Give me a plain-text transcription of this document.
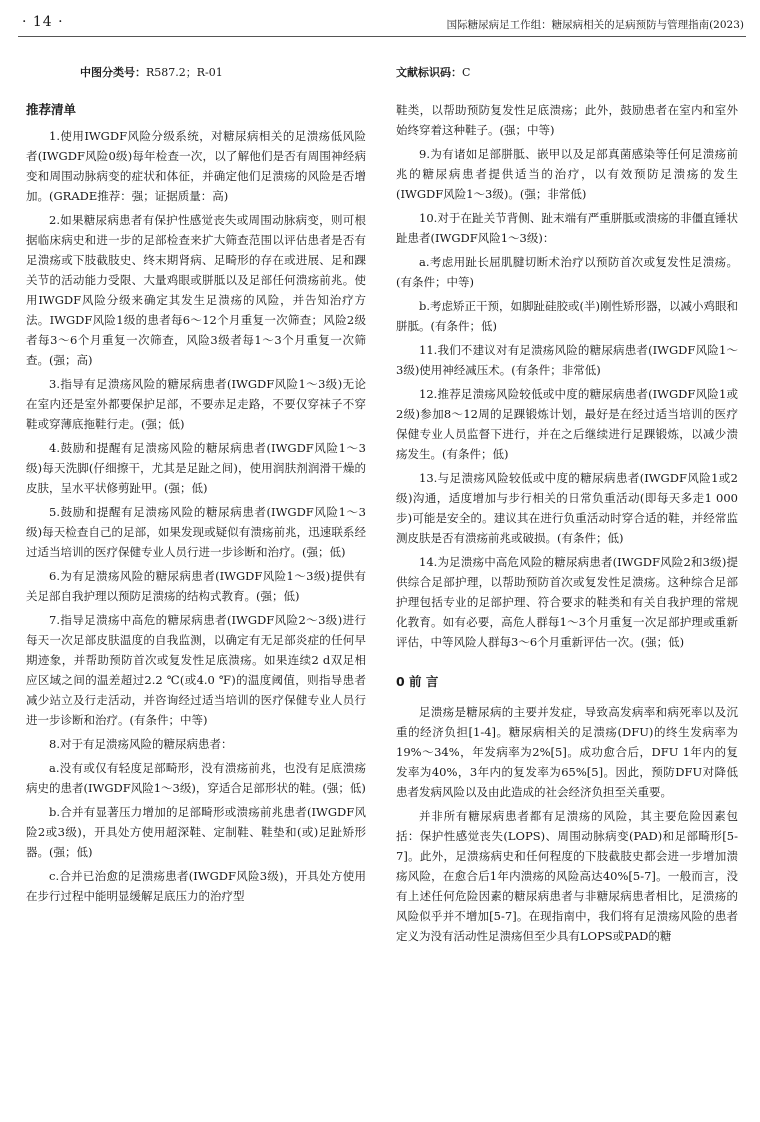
· 14 ·	国际糖尿病足工作组：糖尿病相关的足病预防与管理指南(2023)
中图分类号：R587.2；R-01	文献标识码：C
推荐清单

1.使用IWGDF风险分级系统，对糖尿病相关的足溃疡低风险者(IWGDF风险0级)每年检查一次，以了解他们是否有周围神经病变和周围动脉病变的症状和体征，并确定他们足溃疡的风险是否增加。(GRADE推荐：强；证据质量：高)

2.如果糖尿病患者有保护性感觉丧失或周围动脉病变，则可根据临床病史和进一步的足部检查来扩大筛查范围以评估患者是否有足溃疡或下肢截肢史、终末期肾病、足畸形的存在或进展、足和踝关节的活动能力受限、大量鸡眼或胼胝以及足部任何溃疡前兆。使用IWGDF风险分级来确定其发生足溃疡的风险，并告知治疗方法。IWGDF风险1级的患者每6～12个月重复一次筛查；风险2级者每3～6个月重复一次筛查，风险3级者每1～3个月重复一次筛查。(强；高)

3.指导有足溃疡风险的糖尿病患者(IWGDF风险1～3级)无论在室内还是室外都要保护足部，不要赤足走路，不要仅穿袜子不穿鞋或穿薄底拖鞋行走。(强；低)

4.鼓励和提醒有足溃疡风险的糖尿病患者(IWGDF风险1～3级)每天洗脚(仔细擦干，尤其是足趾之间)，使用润肤剂润滑干燥的皮肤，呈水平状修剪趾甲。(强；低)

5.鼓励和提醒有足溃疡风险的糖尿病患者(IWGDF风险1～3级)每天检查自己的足部，如果发现或疑似有溃疡前兆，迅速联系经过适当培训的医疗保健专业人员行进一步诊断和治疗。(强；低)

6.为有足溃疡风险的糖尿病患者(IWGDF风险1～3级)提供有关足部自我护理以预防足溃疡的结构式教育。(强；低)

7.指导足溃疡中高危的糖尿病患者(IWGDF风险2～3级)进行每天一次足部皮肤温度的自我监测，以确定有无足部炎症的任何早期迹象，并帮助预防首次或复发性足底溃疡。如果连续2 d双足相应区域之间的温差超过2.2 ℃(或4.0 ℉)的温度阈值，则指导患者减少站立及行走活动，并咨询经过适当培训的医疗保健专业人员行进一步诊断和治疗。(有条件；中等)

8.对于有足溃疡风险的糖尿病患者：

a.没有或仅有轻度足部畸形，没有溃疡前兆，也没有足底溃疡病史的患者(IWGDF风险1～3级)，穿适合足部形状的鞋。(强；低)

b.合并有显著压力增加的足部畸形或溃疡前兆患者(IWGDF风险2或3级)，开具处方使用超深鞋、定制鞋、鞋垫和(或)足趾矫形器。(强；低)

c.合并已治愈的足溃疡患者(IWGDF风险3级)，开具处方使用在步行过程中能明显缓解足底压力的治疗型

鞋类，以帮助预防复发性足底溃疡；此外，鼓励患者在室内和室外始终穿着这种鞋子。(强；中等)

9.为有诸如足部胼胝、嵌甲以及足部真菌感染等任何足溃疡前兆的糖尿病患者提供适当的治疗，以有效预防足溃疡的发生(IWGDF风险1～3级)。(强；非常低)

10.对于在趾关节背侧、趾末端有严重胼胝或溃疡的非僵直锤状趾患者(IWGDF风险1～3级)：

a.考虑用趾长屈肌腱切断术治疗以预防首次或复发性足溃疡。(有条件；中等)

b.考虑矫正干预，如脚趾硅胶或(半)刚性矫形器，以减小鸡眼和胼胝。(有条件；低)

11.我们不建议对有足溃疡风险的糖尿病患者(IWGDF风险1～3级)使用神经减压术。(有条件；非常低)

12.推荐足溃疡风险较低或中度的糖尿病患者(IWGDF风险1或2级)参加8～12周的足踝锻炼计划，最好是在经过适当培训的医疗保健专业人员监督下进行，并在之后继续进行足踝锻炼，以减少溃疡发生。(有条件；低)

13.与足溃疡风险较低或中度的糖尿病患者(IWGDF风险1或2级)沟通，适度增加与步行相关的日常负重活动(即每天多走1 000步)可能是安全的。建议其在进行负重活动时穿合适的鞋，并经常监测皮肤是否有溃疡前兆或破损。(有条件；低)

14.为足溃疡中高危风险的糖尿病患者(IWGDF风险2和3级)提供综合足部护理，以帮助预防首次或复发性足溃疡。这种综合足部护理包括专业的足部护理、符合要求的鞋类和有关自我护理的常规化教育。如有必要，高危人群每1～3个月重复一次足部护理或重新评估，中等风险人群每3～6个月重新评估一次。(强；低)

0 前 言

足溃疡是糖尿病的主要并发症，导致高发病率和病死率以及沉重的经济负担[1-4]。糖尿病相关的足溃疡(DFU)的终生发病率为19%～34%，年发病率为2%[5]。成功愈合后，DFU 1年内的复发率为40%，3年内的复发率为65%[5]。因此，预防DFU对降低患者发病风险以及由此造成的社会经济负担至关重要。

并非所有糖尿病患者都有足溃疡的风险，其主要危险因素包括：保护性感觉丧失(LOPS)、周围动脉病变(PAD)和足部畸形[5-7]。此外，足溃疡病史和任何程度的下肢截肢史都会进一步增加溃疡风险，在愈合后1年内溃疡的风险高达40%[5-7]。一般而言，没有上述任何危险因素的糖尿病患者与非糖尿病患者相比，足溃疡的风险似乎并不增加[5-7]。在现指南中，我们将有足溃疡风险的患者定义为没有活动性足溃疡但至少具有LOPS或PAD的糖
